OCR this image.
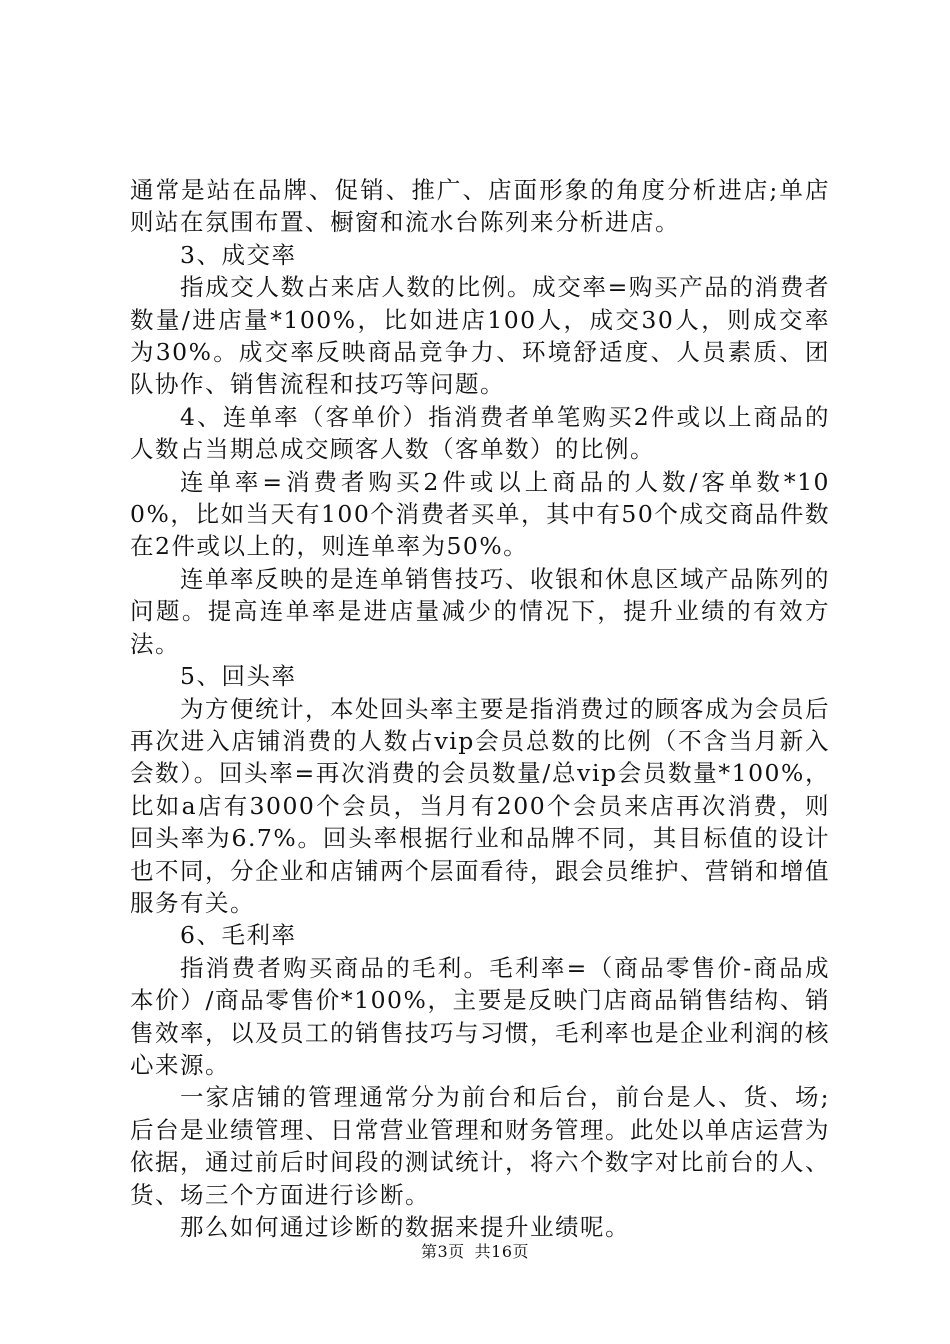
通常是站在品牌、促销、推广、店面形象的角度分析进店;单店则站在氛围布置、橱窗和流水台陈列来分析进店。

3、成交率

指成交人数占来店人数的比例。成交率=购买产品的消费者数量/进店量*100%，比如进店100人，成交30人，则成交率为30%。成交率反映商品竞争力、环境舒适度、人员素质、团队协作、销售流程和技巧等问题。

4、连单率（客单价）指消费者单笔购买2件或以上商品的人数占当期总成交顾客人数（客单数）的比例。

连单率=消费者购买2件或以上商品的人数/客单数*100%，比如当天有100个消费者买单，其中有50个成交商品件数在2件或以上的，则连单率为50%。

连单率反映的是连单销售技巧、收银和休息区域产品陈列的问题。提高连单率是进店量减少的情况下，提升业绩的有效方法。

5、回头率

为方便统计，本处回头率主要是指消费过的顾客成为会员后再次进入店铺消费的人数占vip会员总数的比例（不含当月新入会数）。回头率=再次消费的会员数量/总vip会员数量*100%，比如a店有3000个会员，当月有200个会员来店再次消费，则回头率为6.7%。回头率根据行业和品牌不同，其目标值的设计也不同，分企业和店铺两个层面看待，跟会员维护、营销和增值服务有关。

6、毛利率

指消费者购买商品的毛利。毛利率=（商品零售价-商品成本价）/商品零售价*100%，主要是反映门店商品销售结构、销售效率，以及员工的销售技巧与习惯，毛利率也是企业利润的核心来源。

一家店铺的管理通常分为前台和后台，前台是人、货、场;后台是业绩管理、日常营业管理和财务管理。此处以单店运营为依据，通过前后时间段的测试统计，将六个数字对比前台的人、货、场三个方面进行诊断。

那么如何通过诊断的数据来提升业绩呢。

第3页 共16页
